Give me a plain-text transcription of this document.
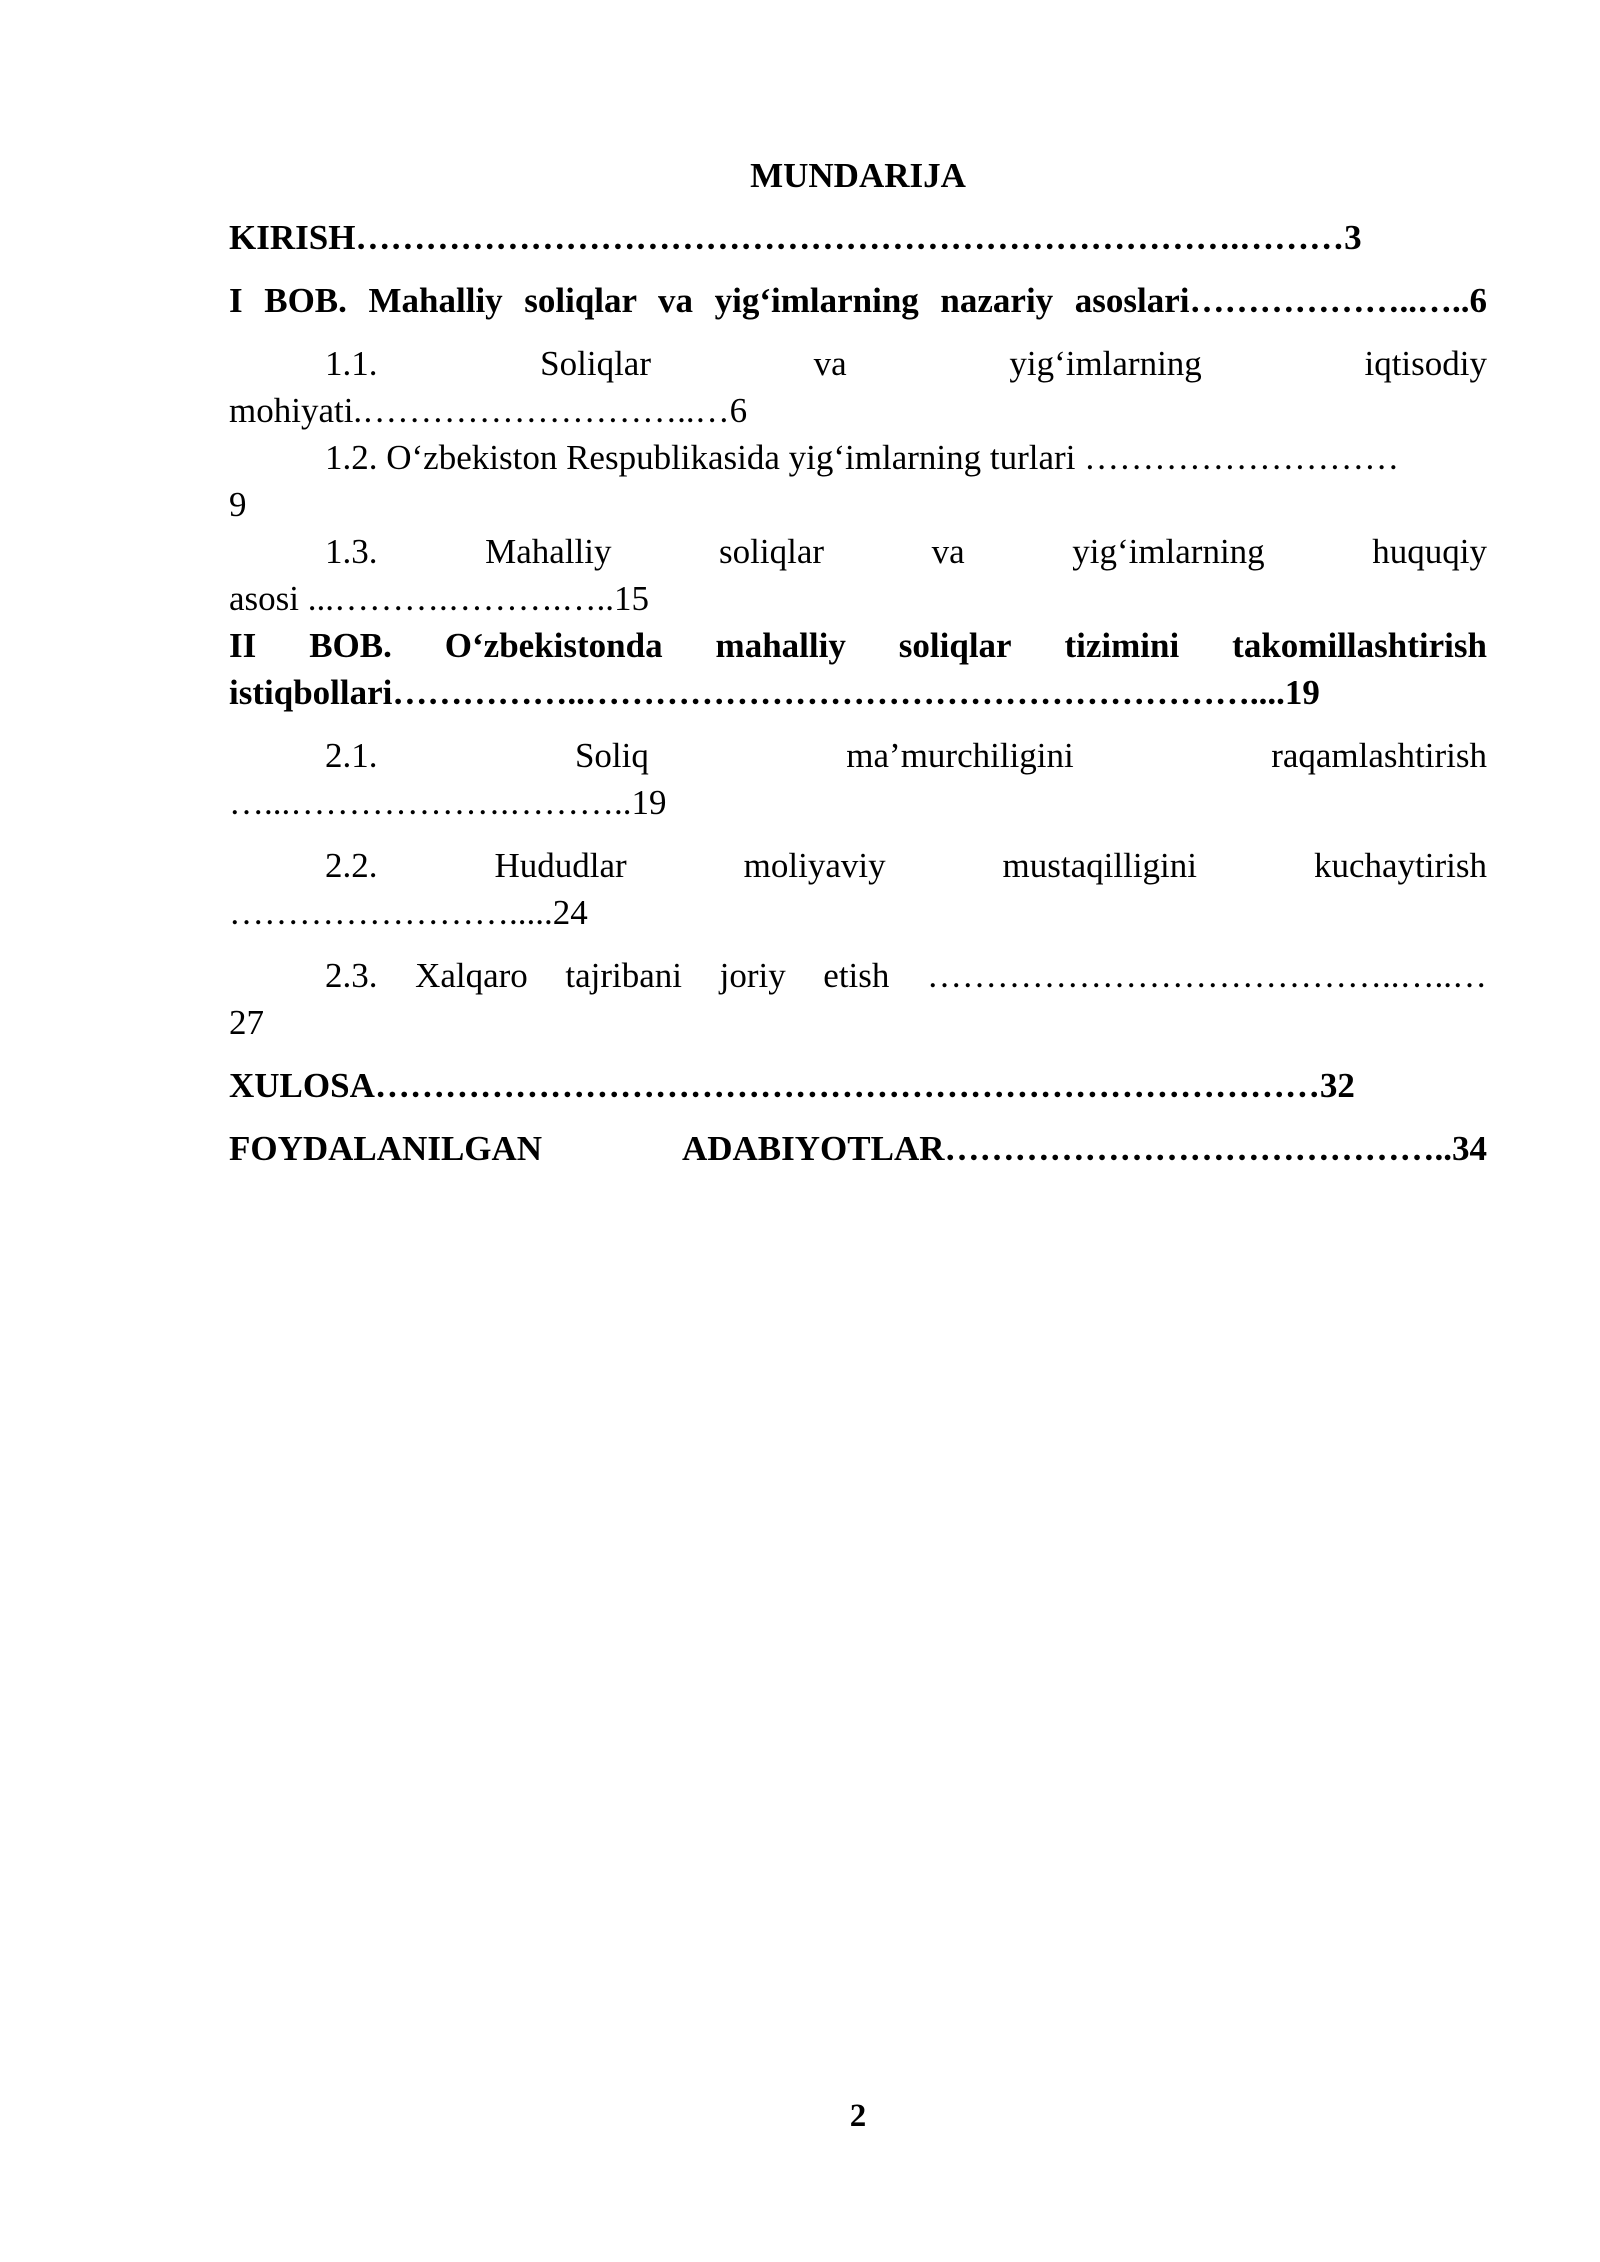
MUNDARIJA

KIRISH………………………………………………………………….………3

I BOB. Mahalliy soliqlar va yig‘imlarning nazariy asoslari………………..…..6

1.1.	Soliqlar	va	yig‘imlarning	iqtisodiy
mohiyati.………………………..…6
1.2. O‘zbekiston Respublikasida yig‘imlarning turlari ………………………
9
1.3.	Mahalliy	soliqlar	va	yig‘imlarning	huquqiy
asosi ...……….……….…..15
II BOB. O‘zbekistonda mahalliy soliqlar tizimini takomillashtirish
istiqbollari……………..…………………………………………………....19
2.1.	Soliq	ma’murchiligini	raqamlashtirish
…...……………….………..19
2.2.	Hududlar	moliyaviy	mustaqilligini	kuchaytirish
…………………….....24
2.3. Xalqaro tajribani joriy etish …………………………………..…..…
27

XULOSA………………………………………………………………………32

FOYDALANILGAN ADABIYOTLAR……………………………………..34

2
